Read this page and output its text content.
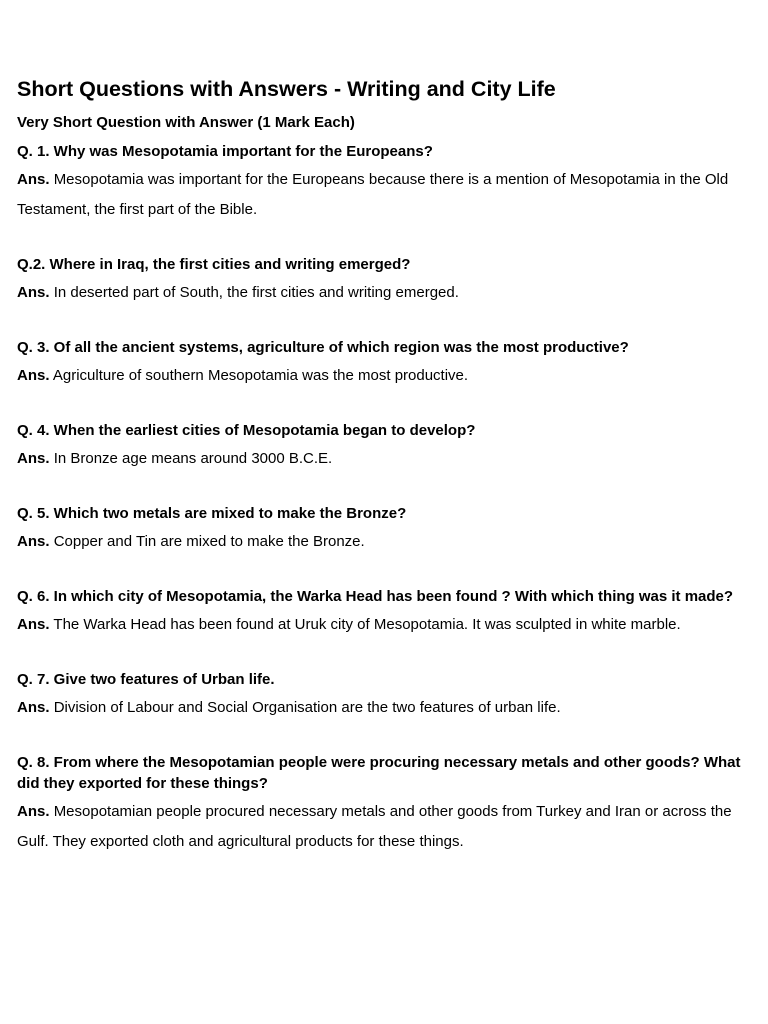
Short Questions with Answers - Writing and City Life
Very Short Question with Answer (1 Mark Each)
Q. 1. Why was Mesopotamia important for the Europeans?
Ans. Mesopotamia was important for the Europeans because there is a mention of Mesopotamia in the Old Testament, the first part of the Bible.
Q.2. Where in Iraq, the first cities and writing emerged?
Ans. In deserted part of South, the first cities and writing emerged.
Q. 3. Of all the ancient systems, agriculture of which region was the most productive?
Ans. Agriculture of southern Mesopotamia was the most productive.
Q. 4. When the earliest cities of Mesopotamia began to develop?
Ans. In Bronze age means around 3000 B.C.E.
Q. 5. Which two metals are mixed to make the Bronze?
Ans. Copper and Tin are mixed to make the Bronze.
Q. 6. In which city of Mesopotamia, the Warka Head has been found ? With which thing was it made?
Ans. The Warka Head has been found at Uruk city of Mesopotamia. It was sculpted in white marble.
Q. 7. Give two features of Urban life.
Ans. Division of Labour and Social Organisation are the two features of urban life.
Q. 8. From where the Mesopotamian people were procuring necessary metals and other goods? What did they exported for these things?
Ans. Mesopotamian people procured necessary metals and other goods from Turkey and Iran or across the Gulf. They exported cloth and agricultural products for these things.
